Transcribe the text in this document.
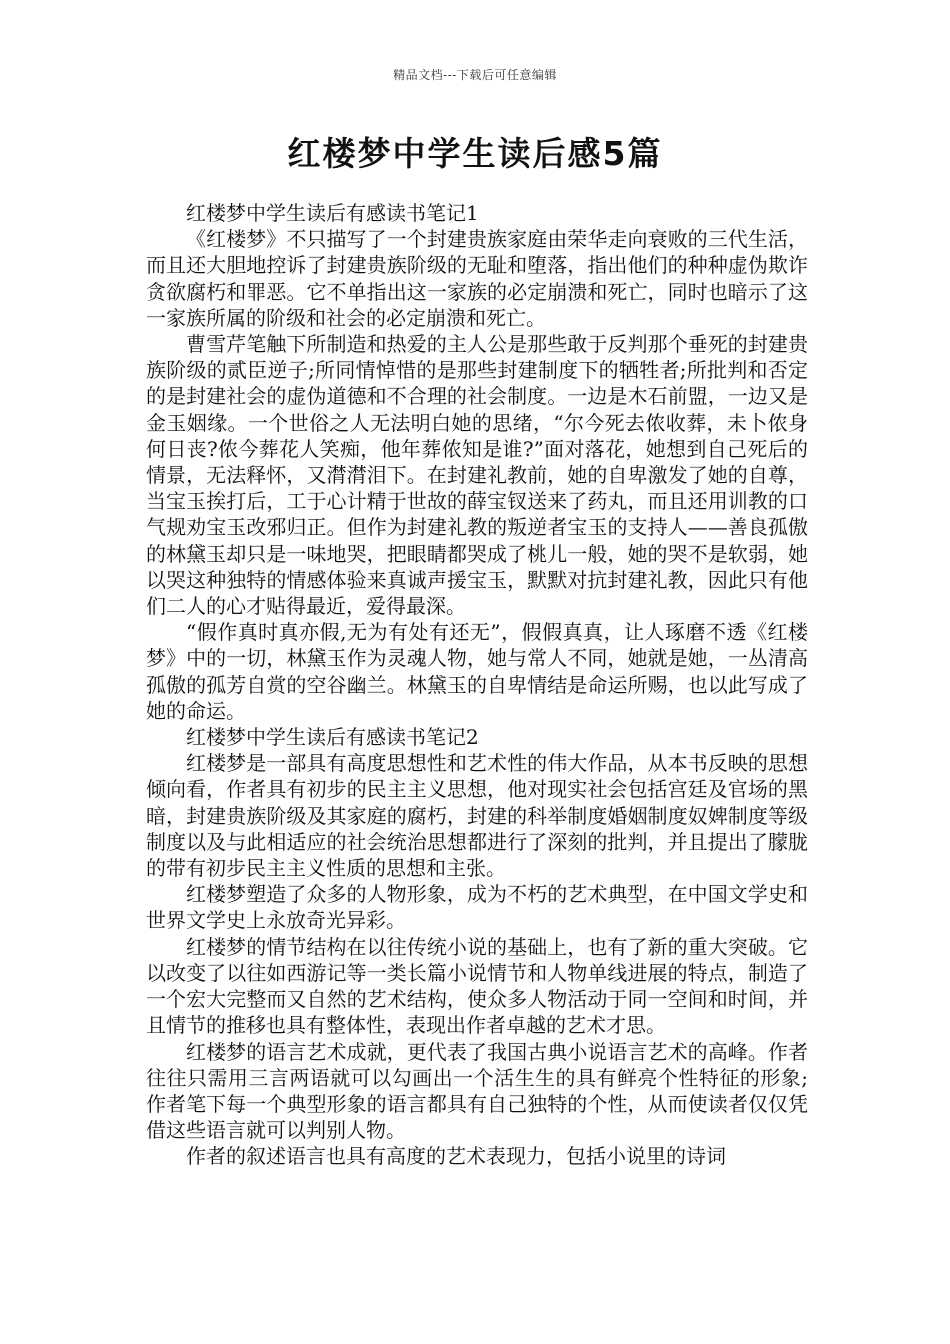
精品文档---下载后可任意编辑
红楼梦中学生读后感5篇

红楼梦中学生读后有感读书笔记1

《红楼梦》不只描写了一个封建贵族家庭由荣华走向衰败的三代生活，而且还大胆地控诉了封建贵族阶级的无耻和堕落，指出他们的种种虚伪欺诈贪欲腐朽和罪恶。它不单指出这一家族的必定崩溃和死亡，同时也暗示了这一家族所属的阶级和社会的必定崩溃和死亡。

曹雪芹笔触下所制造和热爱的主人公是那些敢于反判那个垂死的封建贵族阶级的贰臣逆子;所同情悼惜的是那些封建制度下的牺牲者;所批判和否定的是封建社会的虚伪道德和不合理的社会制度。一边是木石前盟，一边又是金玉姻缘。一个世俗之人无法明白她的思绪，“尔今死去侬收葬，未卜侬身何日丧?侬今葬花人笑痴，他年葬侬知是谁?”面对落花，她想到自己死后的情景，无法释怀，又潸潸泪下。在封建礼教前，她的自卑激发了她的自尊，当宝玉挨打后，工于心计精于世故的薛宝钗送来了药丸，而且还用训教的口气规劝宝玉改邪归正。但作为封建礼教的叛逆者宝玉的支持人——善良孤傲的林黛玉却只是一味地哭，把眼睛都哭成了桃儿一般，她的哭不是软弱，她以哭这种独特的情感体验来真诚声援宝玉，默默对抗封建礼教，因此只有他们二人的心才贴得最近，爱得最深。

“假作真时真亦假,无为有处有还无”，假假真真，让人琢磨不透《红楼梦》中的一切，林黛玉作为灵魂人物，她与常人不同，她就是她，一丛清高孤傲的孤芳自赏的空谷幽兰。林黛玉的自卑情结是命运所赐，也以此写成了她的命运。

红楼梦中学生读后有感读书笔记2

红楼梦是一部具有高度思想性和艺术性的伟大作品，从本书反映的思想倾向看，作者具有初步的民主主义思想，他对现实社会包括宫廷及官场的黑暗，封建贵族阶级及其家庭的腐朽，封建的科举制度婚姻制度奴婢制度等级制度以及与此相适应的社会统治思想都进行了深刻的批判，并且提出了朦胧的带有初步民主主义性质的思想和主张。

红楼梦塑造了众多的人物形象，成为不朽的艺术典型，在中国文学史和世界文学史上永放奇光异彩。

红楼梦的情节结构在以往传统小说的基础上，也有了新的重大突破。它以改变了以往如西游记等一类长篇小说情节和人物单线进展的特点，制造了一个宏大完整而又自然的艺术结构，使众多人物活动于同一空间和时间，并且情节的推移也具有整体性，表现出作者卓越的艺术才思。

红楼梦的语言艺术成就，更代表了我国古典小说语言艺术的高峰。作者往往只需用三言两语就可以勾画出一个活生生的具有鲜亮个性特征的形象;作者笔下每一个典型形象的语言都具有自己独特的个性，从而使读者仅仅凭借这些语言就可以判别人物。

作者的叙述语言也具有高度的艺术表现力，包括小说里的诗词
